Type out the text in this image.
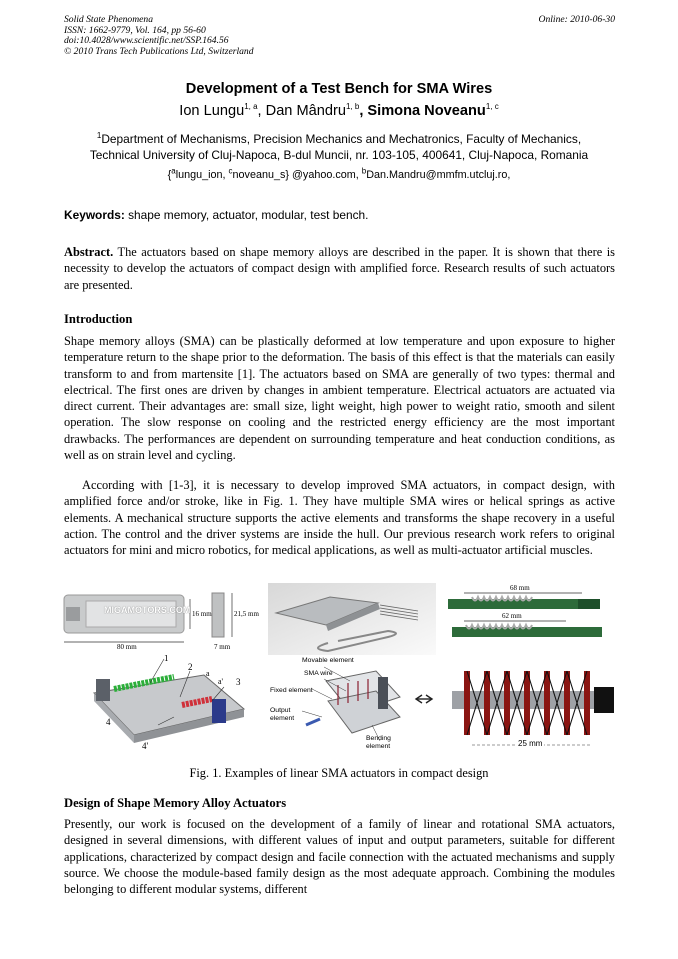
Solid State Phenomena
ISSN: 1662-9779, Vol. 164, pp 56-60
doi:10.4028/www.scientific.net/SSP.164.56
© 2010 Trans Tech Publications Ltd, Switzerland
Online: 2010-06-30
Development of a Test Bench for SMA Wires
Ion Lungu$^{1, a}$, Dan Mândru$^{1, b}$, Simona Noveanu$^{1, c}$
$^1$Department of Mechanisms, Precision Mechanics and Mechatronics, Faculty of Mechanics,
Technical University of Cluj-Napoca, B-dul Muncii, nr. 103-105, 400641, Cluj-Napoca, Romania
{$^a$lungu_ion, $^c$noveanu_s} @yahoo.com, $^b$Dan.Mandru@mmfm.utcluj.ro,
Keywords: shape memory, actuator, modular, test bench.

Abstract. The actuators based on shape memory alloys are described in the paper. It is shown that there is necessity to develop the actuators of compact design with amplified force. Research results of such actuators are presented.

Introduction

Shape memory alloys (SMA) can be plastically deformed at low temperature and upon exposure to higher temperature return to the shape prior to the deformation. The basis of this effect is that the materials can easily transform to and from martensite [1]. The actuators based on SMA are generally of two types: thermal and electrical. The first ones are driven by changes in ambient temperature. Electrical actuators are actuated via direct current. Their advantages are: small size, light weight, high power to weight ratio, smooth and silent operation. The slow response on cooling and the restricted energy efficiency are the most important drawbacks. The performances are dependent on surrounding temperature and heat conduction conditions, as well as on strain level and cycling.

According with [1-3], it is necessary to develop improved SMA actuators, in compact design, with amplified force and/or stroke, like in Fig. 1. They have multiple SMA wires or helical springs as active elements. A mechanical structure supports the active elements and transforms the shape recovery in a useful action. The control and the driver systems are inside the hull. Our previous research work refers to original actuators for mini and micro robotics, for medical applications, as well as multi-actuator artificial muscles.

MIGAMOTORS.COM 16 mm	21,5 mm
80 mm	7 mm
68 mm
62 mm
1
2
3
a
a'
4
4'
Movable element
SMA wire
Fixed element
Output
element
Bending
element	25 mm
Fig. 1. Examples of linear SMA actuators in compact design
Design of Shape Memory Alloy Actuators

Presently, our work is focused on the development of a family of linear and rotational SMA actuators, designed in several dimensions, with different values of input and output parameters, suitable for different applications, characterized by compact design and facile connection with the actuated mechanisms and supply source. We choose the module-based family design as the most adequate approach. Combining the modules belonging to different modular systems, different
